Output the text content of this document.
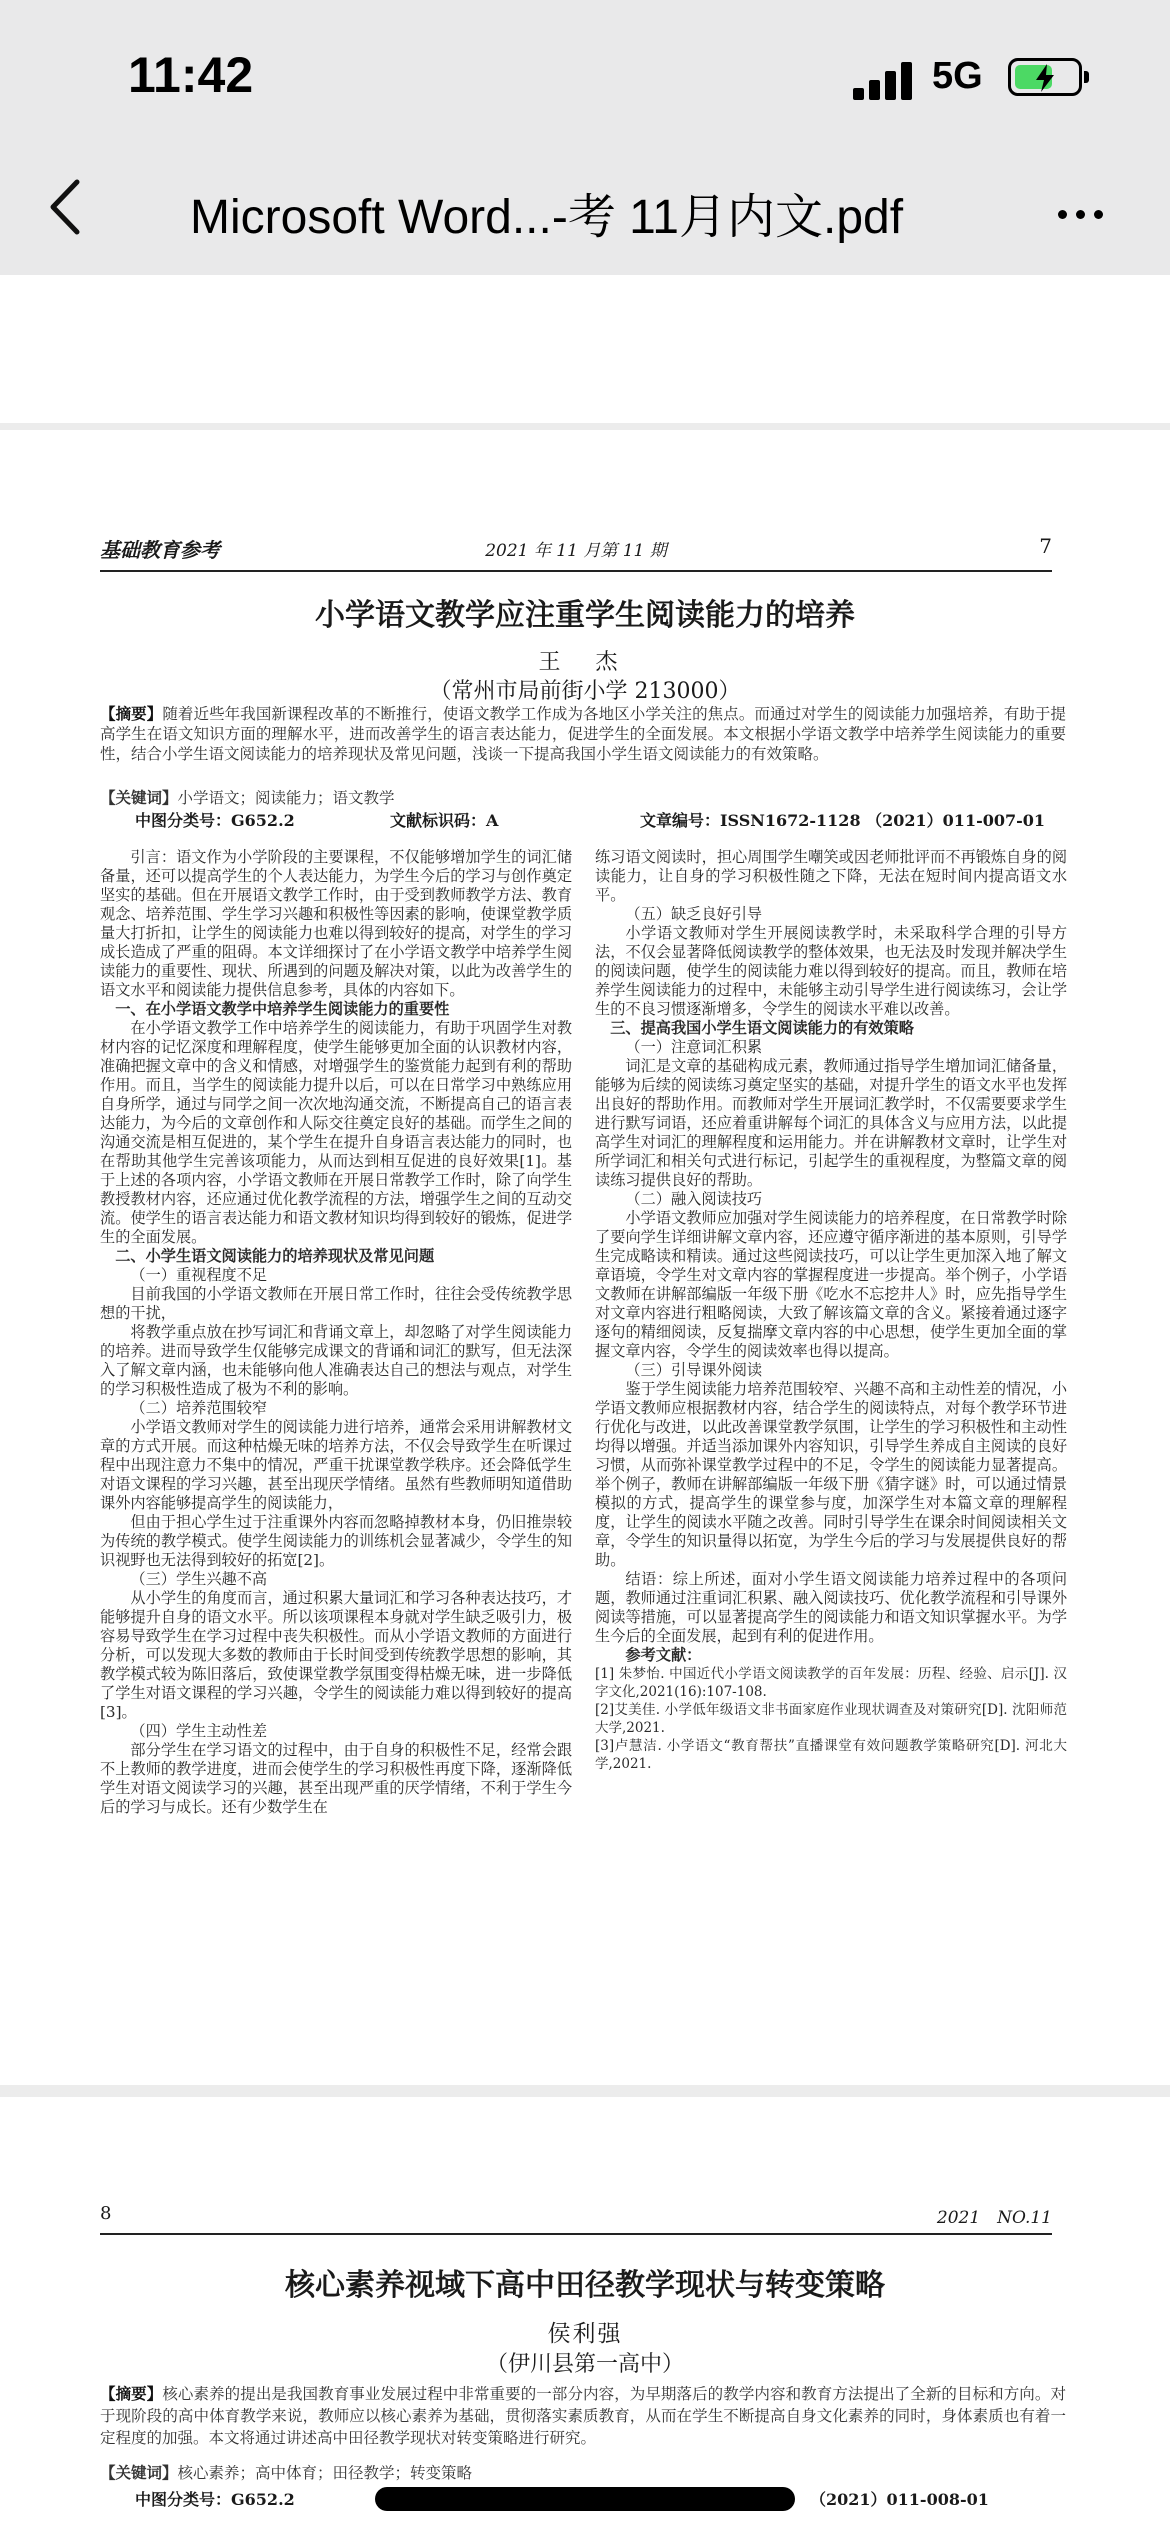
11:42	5G
Microsoft Word...-考 11月内文.pdf
基础教育参考	2021 年 11 月第 11 期	7
小学语文教学应注重学生阅读能力的培养
王 杰
（常州市局前街小学 213000）
【摘要】随着近些年我国新课程改革的不断推行，使语文教学工作成为各地区小学关注的焦点。而通过对学生的阅读能力加强培养，有助于提高学生在语文知识方面的理解水平，进而改善学生的语言表达能力，促进学生的全面发展。本文根据小学语文教学中培养学生阅读能力的重要性，结合小学生语文阅读能力的培养现状及常见问题，浅谈一下提高我国小学生语文阅读能力的有效策略。
【关键词】小学语文；阅读能力；语文教学
中图分类号：G652.2	文献标识码：A	文章编号：ISSN1672-1128 （2021）011-007-01

引言：语文作为小学阶段的主要课程，不仅能够增加学生的词汇储备量，还可以提高学生的个人表达能力，为学生今后的学习与创作奠定坚实的基础。但在开展语文教学工作时，由于受到教师教学方法、教育观念、培养范围、学生学习兴趣和积极性等因素的影响，使课堂教学质量大打折扣，让学生的阅读能力也难以得到较好的提高，对学生的学习成长造成了严重的阻碍。本文详细探讨了在小学语文教学中培养学生阅读能力的重要性、现状、所遇到的问题及解决对策，以此为改善学生的语文水平和阅读能力提供信息参考，具体的内容如下。

一、在小学语文教学中培养学生阅读能力的重要性

在小学语文教学工作中培养学生的阅读能力，有助于巩固学生对教材内容的记忆深度和理解程度，使学生能够更加全面的认识教材内容，准确把握文章中的含义和情感，对增强学生的鉴赏能力起到有利的帮助作用。而且，当学生的阅读能力提升以后，可以在日常学习中熟练应用自身所学，通过与同学之间一次次地沟通交流，不断提高自己的语言表达能力，为今后的文章创作和人际交往奠定良好的基础。而学生之间的沟通交流是相互促进的，某个学生在提升自身语言表达能力的同时，也在帮助其他学生完善该项能力，从而达到相互促进的良好效果[1]。基于上述的各项内容，小学语文教师在开展日常教学工作时，除了向学生教授教材内容，还应通过优化教学流程的方法，增强学生之间的互动交流。使学生的语言表达能力和语文教材知识均得到较好的锻炼，促进学生的全面发展。

二、小学生语文阅读能力的培养现状及常见问题

（一）重视程度不足

目前我国的小学语文教师在开展日常工作时，往往会受传统教学思想的干扰，

将教学重点放在抄写词汇和背诵文章上，却忽略了对学生阅读能力的培养。进而导致学生仅能够完成课文的背诵和词汇的默写，但无法深入了解文章内涵，也未能够向他人准确表达自己的想法与观点，对学生的学习积极性造成了极为不利的影响。

（二）培养范围较窄

小学语文教师对学生的阅读能力进行培养，通常会采用讲解教材文章的方式开展。而这种枯燥无味的培养方法，不仅会导致学生在听课过程中出现注意力不集中的情况，严重干扰课堂教学秩序。还会降低学生对语文课程的学习兴趣，甚至出现厌学情绪。虽然有些教师明知道借助课外内容能够提高学生的阅读能力，

但由于担心学生过于注重课外内容而忽略掉教材本身，仍旧推崇较为传统的教学模式。使学生阅读能力的训练机会显著减少，令学生的知识视野也无法得到较好的拓宽[2]。

（三）学生兴趣不高

从小学生的角度而言，通过积累大量词汇和学习各种表达技巧，才能够提升自身的语文水平。所以该项课程本身就对学生缺乏吸引力，极容易导致学生在学习过程中丧失积极性。而从小学语文教师的方面进行分析，可以发现大多数的教师由于长时间受到传统教学思想的影响，其教学模式较为陈旧落后，致使课堂教学氛围变得枯燥无味，进一步降低了学生对语文课程的学习兴趣，令学生的阅读能力难以得到较好的提高[3]。

（四）学生主动性差

部分学生在学习语文的过程中，由于自身的积极性不足，经常会跟不上教师的教学进度，进而会使学生的学习积极性再度下降，逐渐降低学生对语文阅读学习的兴趣，甚至出现严重的厌学情绪，不利于学生今后的学习与成长。还有少数学生在

练习语文阅读时，担心周围学生嘲笑或因老师批评而不再锻炼自身的阅读能力，让自身的学习积极性随之下降，无法在短时间内提高语文水平。

（五）缺乏良好引导

小学语文教师对学生开展阅读教学时，未采取科学合理的引导方法，不仅会显著降低阅读教学的整体效果，也无法及时发现并解决学生的阅读问题，使学生的阅读能力难以得到较好的提高。而且，教师在培养学生阅读能力的过程中，未能够主动引导学生进行阅读练习，会让学生的不良习惯逐渐增多，令学生的阅读水平难以改善。

三、提高我国小学生语文阅读能力的有效策略

（一）注意词汇积累

词汇是文章的基础构成元素，教师通过指导学生增加词汇储备量，能够为后续的阅读练习奠定坚实的基础，对提升学生的语文水平也发挥出良好的帮助作用。而教师对学生开展词汇教学时，不仅需要要求学生进行默写词语，还应着重讲解每个词汇的具体含义与应用方法，以此提高学生对词汇的理解程度和运用能力。并在讲解教材文章时，让学生对所学词汇和相关句式进行标记，引起学生的重视程度，为整篇文章的阅读练习提供良好的帮助。

（二）融入阅读技巧

小学语文教师应加强对学生阅读能力的培养程度，在日常教学时除了要向学生详细讲解文章内容，还应遵守循序渐进的基本原则，引导学生完成略读和精读。通过这些阅读技巧，可以让学生更加深入地了解文章语境，令学生对文章内容的掌握程度进一步提高。举个例子，小学语文教师在讲解部编版一年级下册《吃水不忘挖井人》时，应先指导学生对文章内容进行粗略阅读，大致了解该篇文章的含义。紧接着通过逐字逐句的精细阅读，反复揣摩文章内容的中心思想，使学生更加全面的掌握文章内容，令学生的阅读效率也得以提高。

（三）引导课外阅读

鉴于学生阅读能力培养范围较窄、兴趣不高和主动性差的情况，小学语文教师应根据教材内容，结合学生的阅读特点，对每个教学环节进行优化与改进，以此改善课堂教学氛围，让学生的学习积极性和主动性均得以增强。并适当添加课外内容知识，引导学生养成自主阅读的良好习惯，从而弥补课堂教学过程中的不足，令学生的阅读能力显著提高。举个例子，教师在讲解部编版一年级下册《猜字谜》时，可以通过情景模拟的方式，提高学生的课堂参与度，加深学生对本篇文章的理解程度，让学生的阅读水平随之改善。同时引导学生在课余时间阅读相关文章，令学生的知识量得以拓宽，为学生今后的学习与发展提供良好的帮助。

结语：综上所述，面对小学生语文阅读能力培养过程中的各项问题，教师通过注重词汇积累、融入阅读技巧、优化教学流程和引导课外阅读等措施，可以显著提高学生的阅读能力和语文知识掌握水平。为学生今后的全面发展，起到有利的促进作用。

参考文献：

[1] 朱梦怡. 中国近代小学语文阅读教学的百年发展：历程、经验、启示[J]. 汉字文化,2021(16):107-108.

[2]艾美佳. 小学低年级语文非书面家庭作业现状调查及对策研究[D]. 沈阳师范大学,2021.

[3]卢慧洁. 小学语文“教育帮扶”直播课堂有效问题教学策略研究[D]. 河北大学,2021.

8	2021　NO.11
核心素养视域下高中田径教学现状与转变策略
侯利强
（伊川县第一高中）
【摘要】核心素养的提出是我国教育事业发展过程中非常重要的一部分内容，为早期落后的教学内容和教育方法提出了全新的目标和方向。对于现阶段的高中体育教学来说，教师应以核心素养为基础，贯彻落实素质教育，从而在学生不断提高自身文化素养的同时，身体素质也有着一定程度的加强。本文将通过讲述高中田径教学现状对转变策略进行研究。
【关键词】核心素养；高中体育；田径教学；转变策略
中图分类号：G652.2	（2021）011-008-01
